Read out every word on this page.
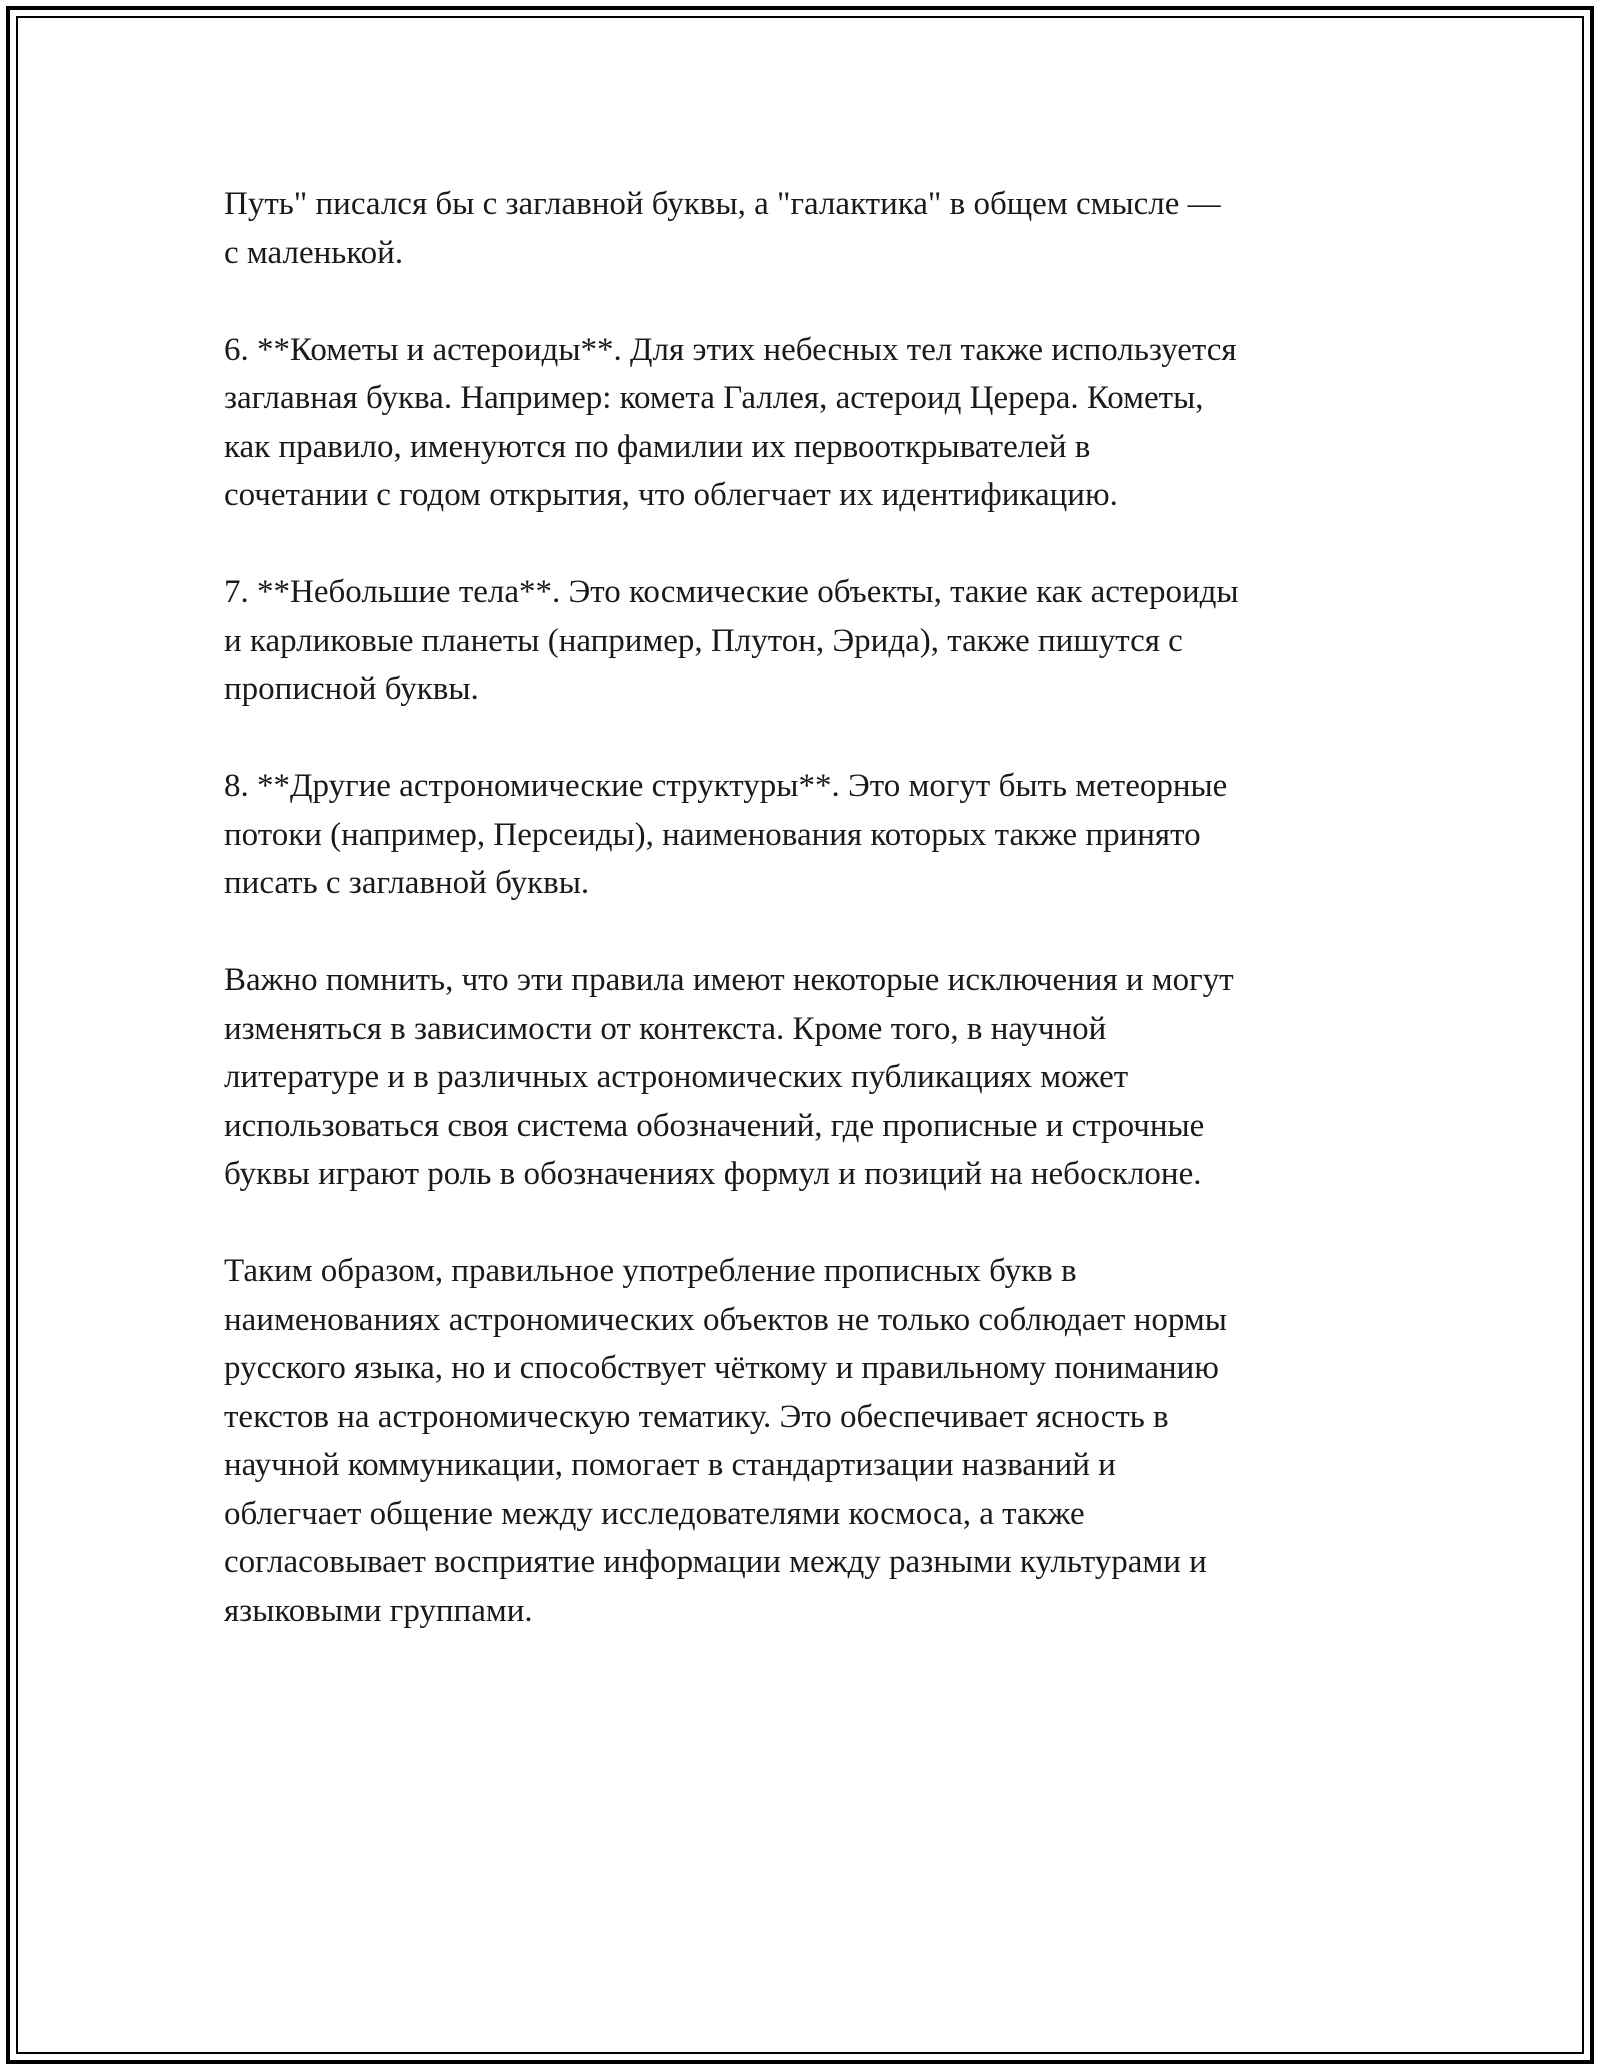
Путь" писался бы с заглавной буквы, а "галактика" в общем смысле —
с маленькой.

6. **Кометы и астероиды**. Для этих небесных тел также используется
заглавная буква. Например: комета Галлея, астероид Церера. Кометы,
как правило, именуются по фамилии их первооткрывателей в
сочетании с годом открытия, что облегчает их идентификацию.

7. **Небольшие тела**. Это космические объекты, такие как астероиды
и карликовые планеты (например, Плутон, Эрида), также пишутся с
прописной буквы.

8. **Другие астрономические структуры**. Это могут быть метеорные
потоки (например, Персеиды), наименования которых также принято
писать с заглавной буквы.

Важно помнить, что эти правила имеют некоторые исключения и могут
изменяться в зависимости от контекста. Кроме того, в научной
литературе и в различных астрономических публикациях может
использоваться своя система обозначений, где прописные и строчные
буквы играют роль в обозначениях формул и позиций на небосклоне.

Таким образом, правильное употребление прописных букв в
наименованиях астрономических объектов не только соблюдает нормы
русского языка, но и способствует чёткому и правильному пониманию
текстов на астрономическую тематику. Это обеспечивает ясность в
научной коммуникации, помогает в стандартизации названий и
облегчает общение между исследователями космоса, а также
согласовывает восприятие информации между разными культурами и
языковыми группами.
